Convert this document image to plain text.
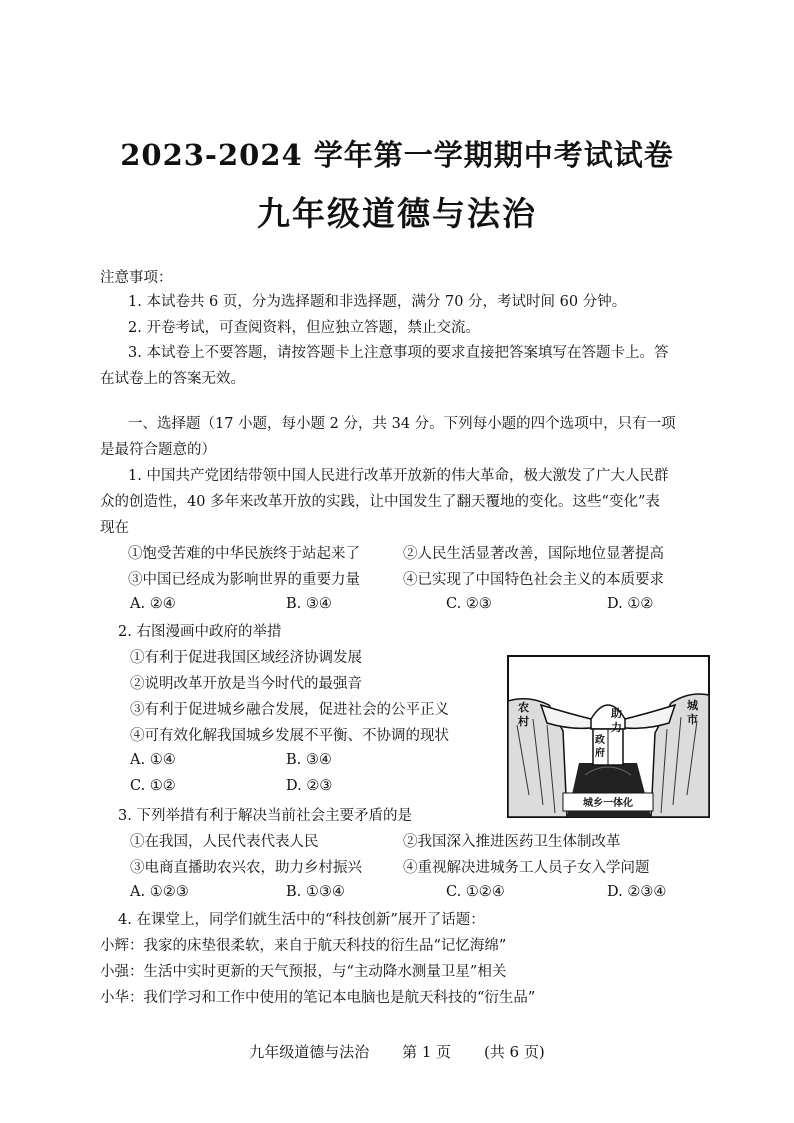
2023-2024 学年第一学期期中考试试卷
九年级道德与法治
注意事项：
1. 本试卷共 6 页，分为选择题和非选择题，满分 70 分，考试时间 60 分钟。
2. 开卷考试，可查阅资料，但应独立答题，禁止交流。
3. 本试卷上不要答题，请按答题卡上注意事项的要求直接把答案填写在答题卡上。答
在试卷上的答案无效。
一、选择题（17 小题，每小题 2 分，共 34 分。下列每小题的四个选项中，只有一项
是最符合题意的）
1. 中国共产党团结带领中国人民进行改革开放新的伟大革命，极大激发了广大人民群
众的创造性，40 多年来改革开放的实践，让中国发生了翻天覆地的变化。这些“变化”表
现在
①饱受苦难的中华民族终于站起来了	②人民生活显著改善，国际地位显著提高
③中国已经成为影响世界的重要力量	④已实现了中国特色社会主义的本质要求
A. ②④	B. ③④	C. ②③	D. ①②
2. 右图漫画中政府的举措
①有利于促进我国区域经济协调发展
②说明改革开放是当今时代的最强音
③有利于促进城乡融合发展，促进社会的公平正义
④可有效化解我国城乡发展不平衡、不协调的现状
A. ①④	B. ③④
C. ①②	D. ②③
农
村
城
市
政
府
助
力
城乡一体化
3. 下列举措有利于解决当前社会主要矛盾的是
①在我国，人民代表代表人民	②我国深入推进医药卫生体制改革
③电商直播助农兴农，助力乡村振兴	④重视解决进城务工人员子女入学问题
A. ①②③	B. ①③④	C. ①②④	D. ②③④
4. 在课堂上，同学们就生活中的“科技创新”展开了话题：
小辉：我家的床垫很柔软，来自于航天科技的衍生品“记忆海绵”
小强：生活中实时更新的天气预报，与“主动降水测量卫星”相关
小华：我们学习和工作中使用的笔记本电脑也是航天科技的“衍生品”
九年级道德与法治 第 1 页 (共 6 页)
